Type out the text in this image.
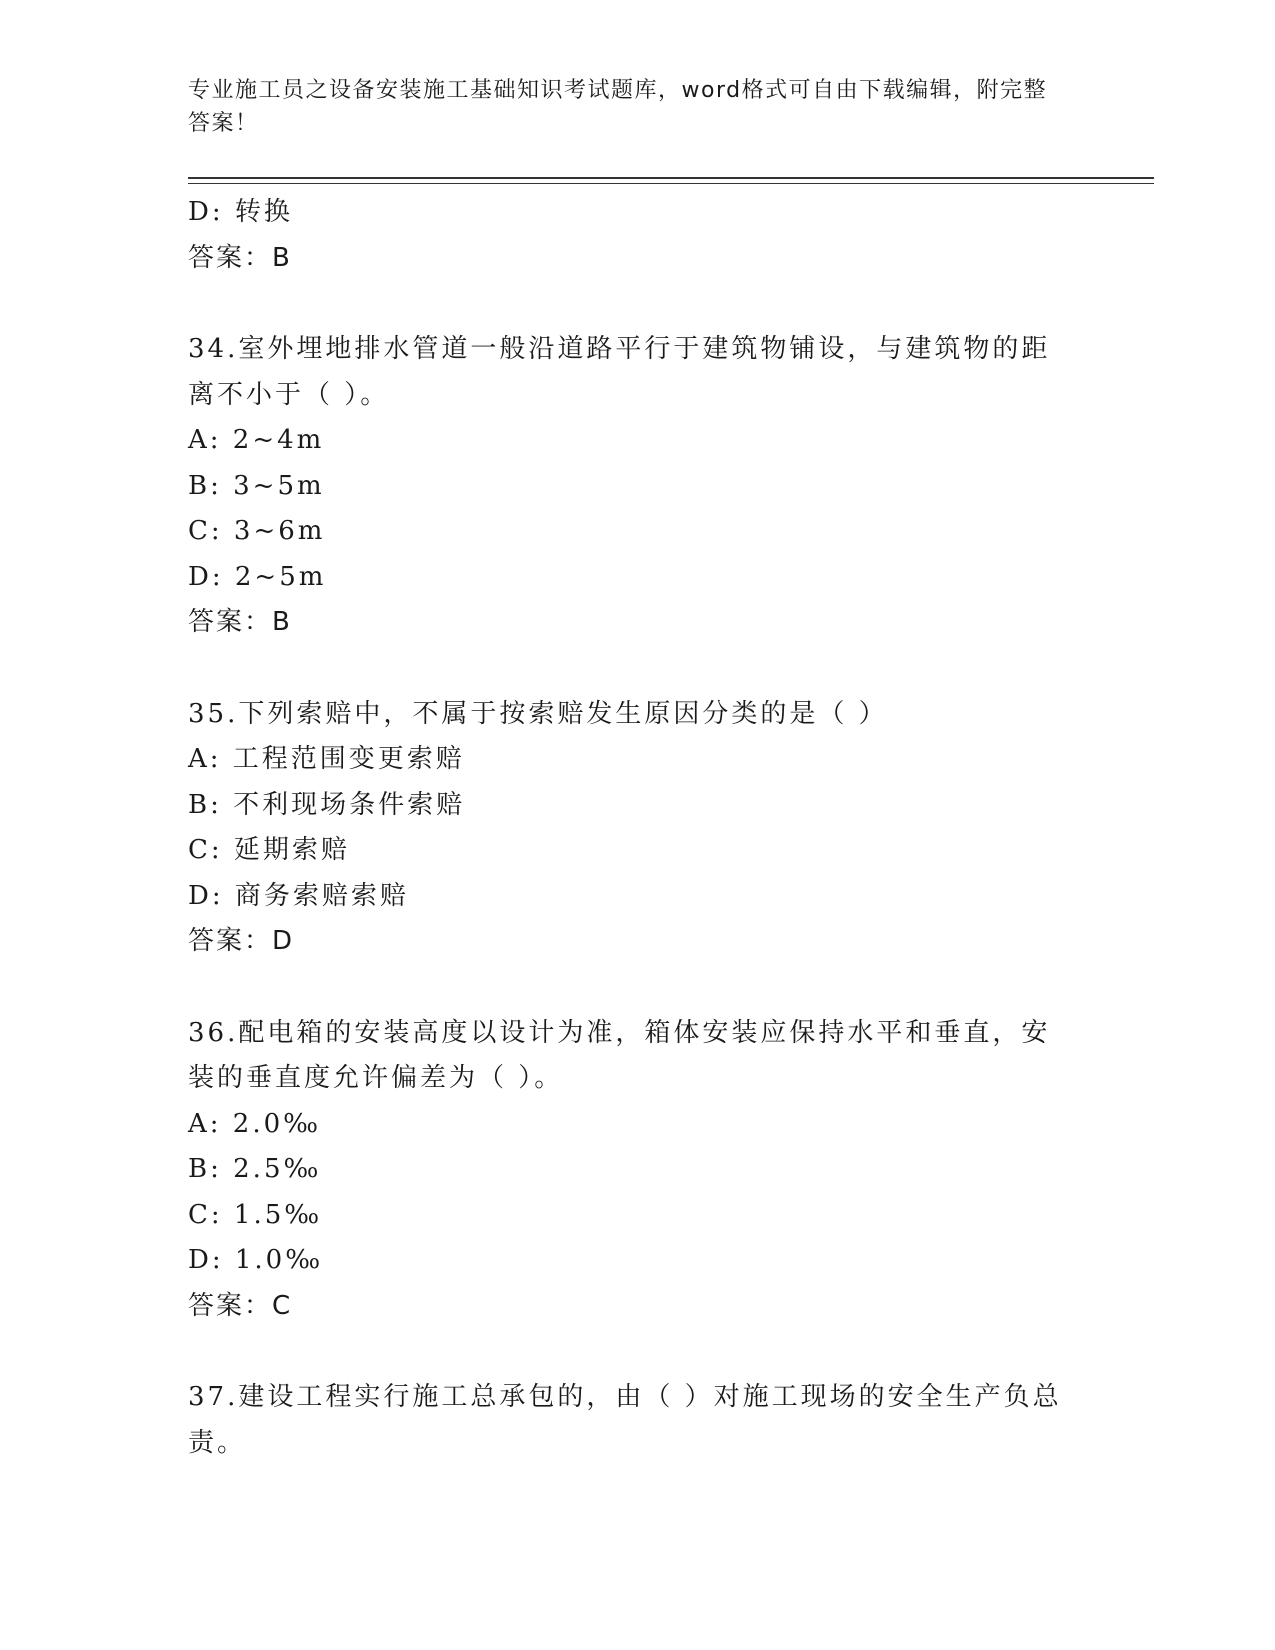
专业施工员之设备安装施工基础知识考试题库，word格式可自由下载编辑，附完整答案！
D: 转换
答案：B
34.室外埋地排水管道一般沿道路平行于建筑物铺设，与建筑物的距离不小于（ ）。
A: 2~4m
B: 3~5m
C: 3~6m
D: 2~5m
答案：B
35.下列索赔中，不属于按索赔发生原因分类的是（ ）
A: 工程范围变更索赔
B: 不利现场条件索赔
C: 延期索赔
D: 商务索赔索赔
答案：D
36.配电箱的安装高度以设计为准，箱体安装应保持水平和垂直，安装的垂直度允许偏差为（ ）。
A: 2.0‰
B: 2.5‰
C: 1.5‰
D: 1.0‰
答案：C
37.建设工程实行施工总承包的，由（ ）对施工现场的安全生产负总责。
